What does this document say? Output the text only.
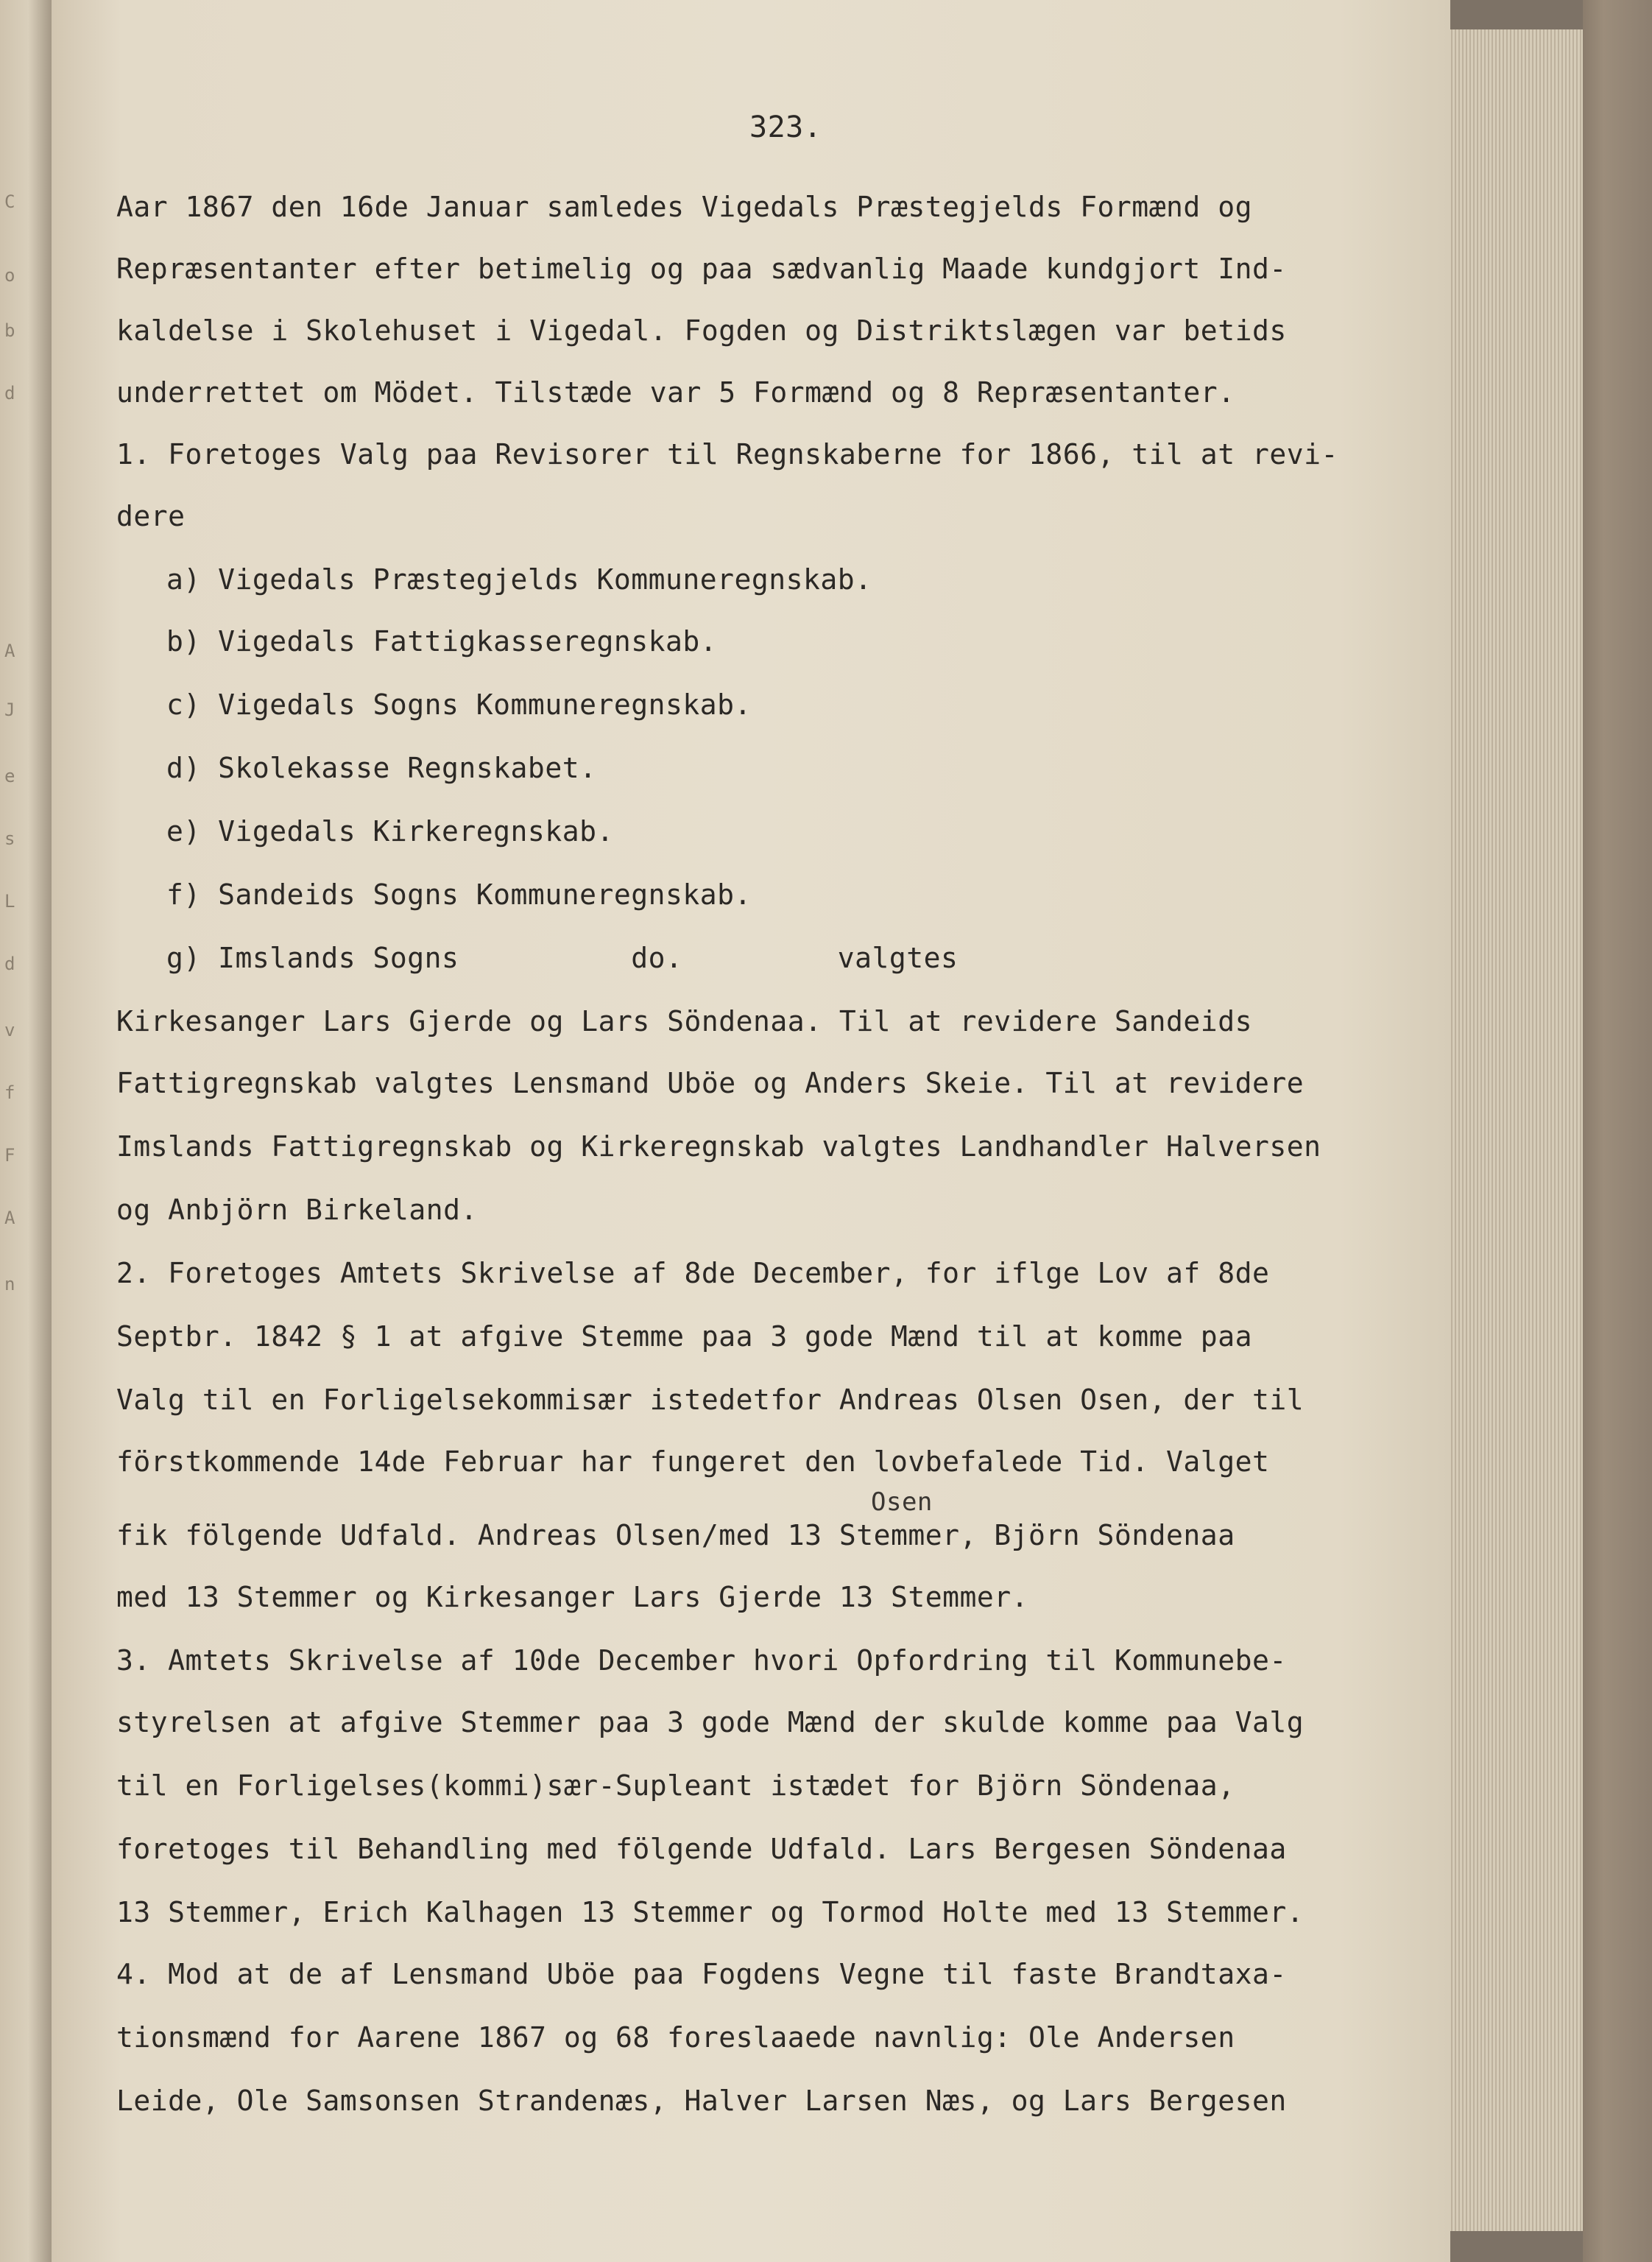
C
o
b
d
A
J
e
s
L
d
v
f
F
A
n
323.
Aar 1867 den 16de Januar samledes Vigedals Præstegjelds Formænd og
Repræsentanter efter betimelig og paa sædvanlig Maade kundgjort Ind-
kaldelse i Skolehuset i Vigedal. Fogden og Distriktslægen var betids
underrettet om Mödet. Tilstæde var 5 Formænd og 8 Repræsentanter.
1. Foretoges Valg paa Revisorer til Regnskaberne for 1866, til at revi-
dere
a) Vigedals Præstegjelds Kommuneregnskab.
b) Vigedals Fattigkasseregnskab.
c) Vigedals Sogns Kommuneregnskab.
d) Skolekasse Regnskabet.
e) Vigedals Kirkeregnskab.
f) Sandeids Sogns Kommuneregnskab.
g) Imslands Sogns          do.         valgtes
Kirkesanger Lars Gjerde og Lars Söndenaa. Til at revidere Sandeids
Fattigregnskab valgtes Lensmand Uböe og Anders Skeie. Til at revidere
Imslands Fattigregnskab og Kirkeregnskab valgtes Landhandler Halversen
og Anbjörn Birkeland.
2. Foretoges Amtets Skrivelse af 8de December, for iflge Lov af 8de
Septbr. 1842 § 1 at afgive Stemme paa 3 gode Mænd til at komme paa
Valg til en Forligelsekommisær istedetfor Andreas Olsen Osen, der til
förstkommende 14de Februar har fungeret den lovbefalede Tid. Valget
Osen
fik fölgende Udfald. Andreas Olsen/med 13 Stemmer, Björn Söndenaa
med 13 Stemmer og Kirkesanger Lars Gjerde 13 Stemmer.
3. Amtets Skrivelse af 10de December hvori Opfordring til Kommunebe-
styrelsen at afgive Stemmer paa 3 gode Mænd der skulde komme paa Valg
til en Forligelses(kommi)sær-Supleant istædet for Björn Söndenaa,
foretoges til Behandling med fölgende Udfald. Lars Bergesen Söndenaa
13 Stemmer, Erich Kalhagen 13 Stemmer og Tormod Holte med 13 Stemmer.
4. Mod at de af Lensmand Uböe paa Fogdens Vegne til faste Brandtaxa-
tionsmænd for Aarene 1867 og 68 foreslaaede navnlig: Ole Andersen
Leide, Ole Samsonsen Strandenæs, Halver Larsen Næs, og Lars Bergesen
